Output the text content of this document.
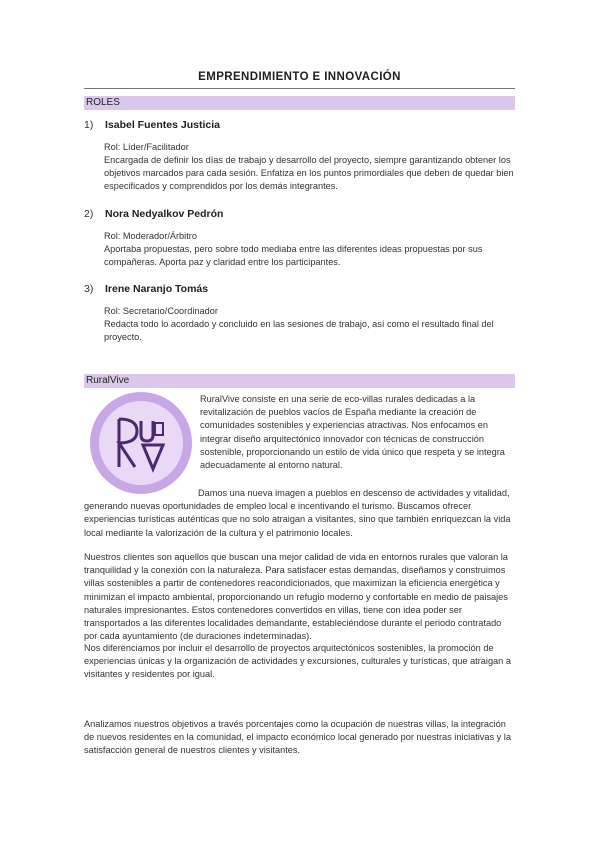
EMPRENDIMIENTO E INNOVACIÓN
ROLES
1) Isabel Fuentes Justicia
Rol: Líder/Facilitador
Encargada de definir los días de trabajo y desarrollo del proyecto, siempre garantizando obtener los objetivos marcados para cada sesión. Enfatiza en los puntos primordiales que deben de quedar bien especificados y comprendidos por los demás integrantes.
2) Nora Nedyalkov Pedrón
Rol: Moderador/Árbitro
Aportaba propuestas, pero sobre todo mediaba entre las diferentes ideas propuestas por sus compañeras. Aporta paz y claridad entre los participantes.
3) Irene Naranjo Tomás
Rol: Secretario/Coordinador
Redacta todo lo acordado y concluido en las sesiones de trabajo, así como el resultado final del proyecto.
RuralVive
RuralVive consiste en una serie de eco-villas rurales dedicadas a la revitalización de pueblos vacíos de España mediante la creación de comunidades sostenibles y experiencias atractivas. Nos enfocamos en integrar diseño arquitectónico innovador con técnicas de construcción sostenible, proporcionando un estilo de vida único que respeta y se integra adecuadamente al entorno natural.
Damos una nueva imagen a pueblos en descenso de actividades y vitalidad, generando nuevas oportunidades de empleo local e incentivando el turismo. Buscamos ofrecer experiencias turísticas auténticas que no solo atraigan a visitantes, sino que también enriquezcan la vida local mediante la valorización de la cultura y el patrimonio locales.
Nuestros clientes son aquellos que buscan una mejor calidad de vida en entornos rurales que valoran la tranquilidad y la conexión con la naturaleza. Para satisfacer estas demandas, diseñamos y construimos villas sostenibles a partir de contenedores reacondicionados, que maximizan la eficiencia energética y minimizan el impacto ambiental, proporcionando un refugio moderno y confortable en medio de paisajes naturales impresionantes. Estos contenedores convertidos en villas, tiene con idea poder ser transportados a las diferentes localidades demandante, estableciéndose durante el periodo contratado por cada ayuntamiento (de duraciones indeterminadas).
Nos diferenciamos por incluir el desarrollo de proyectos arquitectónicos sostenibles, la promoción de experiencias únicas y la organización de actividades y excursiones, culturales y turísticas, que atraigan a visitantes y residentes por igual.
Analizamos nuestros objetivos a través porcentajes como la ocupación de nuestras villas, la integración de nuevos residentes en la comunidad, el impacto económico local generado por nuestras iniciativas y la satisfacción general de nuestros clientes y visitantes.
